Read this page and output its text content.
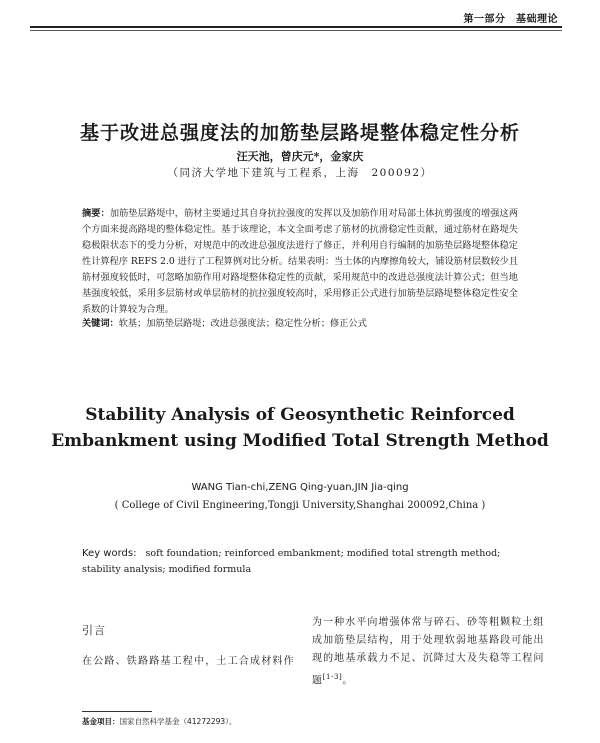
第一部分　基础理论
基于改进总强度法的加筋垫层路堤整体稳定性分析
汪天池，曾庆元*，金家庆
（同济大学地下建筑与工程系，上海　200092）
摘要：加筋垫层路堤中，筋材主要通过其自身抗拉强度的发挥以及加筋作用对局部土体抗剪强度的增强这两个方面来提高路堤的整体稳定性。基于该理论，本文全面考虑了筋材的抗滑稳定性贡献，通过筋材在路堤失稳极限状态下的受力分析，对规范中的改进总强度法进行了修正，并利用自行编制的加筋垫层路堤整体稳定性计算程序 REFS 2.0 进行了工程算例对比分析。结果表明：当土体的内摩擦角较大，铺设筋材层数较少且筋材强度较低时，可忽略加筋作用对路堤整体稳定性的贡献，采用规范中的改进总强度法计算公式；但当地基强度较低，采用多层筋材或单层筋材的抗拉强度较高时，采用修正公式进行加筋垫层路堤整体稳定性安全系数的计算较为合理。
关键词：软基；加筋垫层路堤；改进总强度法；稳定性分析；修正公式
Stability Analysis of Geosynthetic Reinforced Embankment using Modified Total Strength Method
WANG Tian-chi,ZENG Qing-yuan,JIN Jia-qing
( College of Civil Engineering,Tongji University,Shanghai 200092,China )
Key words: soft foundation; reinforced embankment; modified total strength method; stability analysis; modified formula
引言
在公路、铁路路基工程中，土工合成材料作
为一种水平向增强体常与碎石、砂等粗颗粒土组成加筋垫层结构，用于处理软弱地基路段可能出现的地基承载力不足、沉降过大及失稳等工程问题[1-3]。
基金项目：国家自然科学基金（41272293）。
